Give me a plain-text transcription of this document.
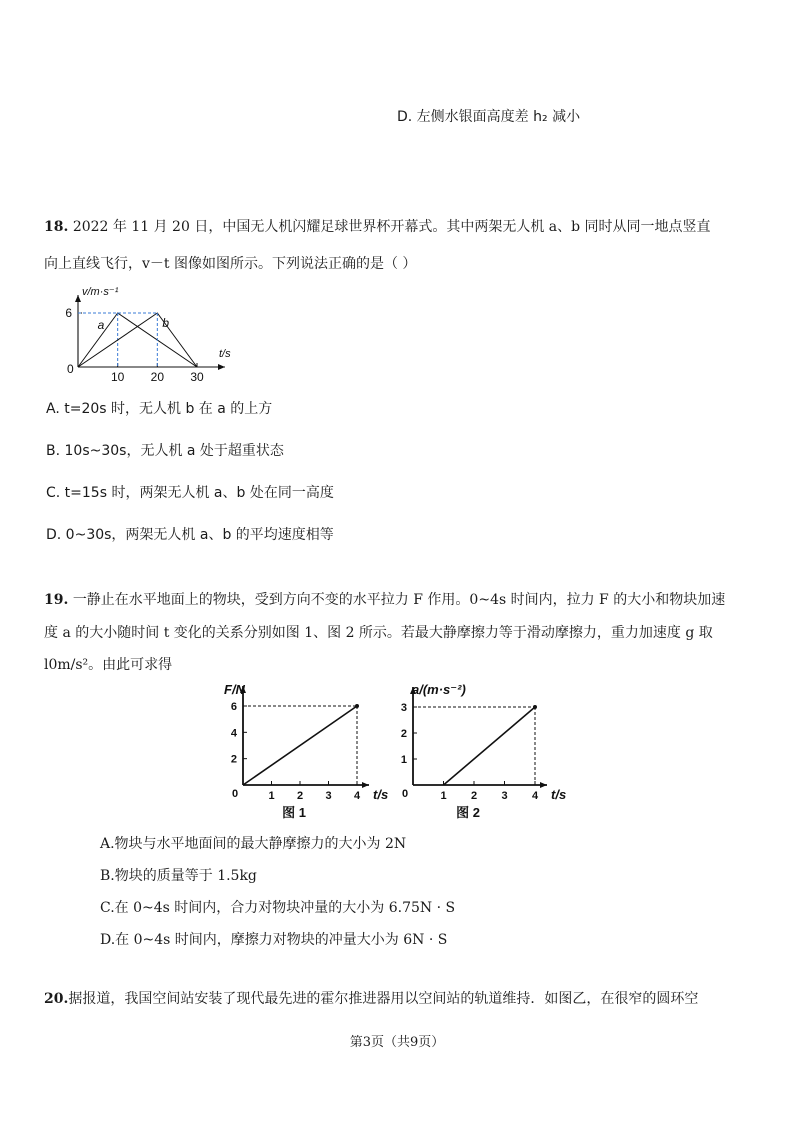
D. 左侧水银面高度差 h₂ 减小
18. 2022 年 11 月 20 日，中国无人机闪耀足球世界杯开幕式。其中两架无人机 a、b 同时从同一地点竖直
向上直线飞行，v－t 图像如图所示。下列说法正确的是（ ）
v/m·s⁻¹
t/s
0
10 20 30
6
a	b
A. t=20s 时，无人机 b 在 a 的上方
B. 10s~30s，无人机 a 处于超重状态
C. t=15s 时，两架无人机 a、b 处在同一高度
D. 0~30s，两架无人机 a、b 的平均速度相等
19. 一静止在水平地面上的物块，受到方向不变的水平拉力 F 作用。0~4s 时间内，拉力 F 的大小和物块加速
度 a 的大小随时间 t 变化的关系分别如图 1、图 2 所示。若最大静摩擦力等于滑动摩擦力，重力加速度 g 取
l0m/s²。由此可求得
F/N
t/s
0	1 2 3 4
2
4
6
图 1
a/(m·s⁻²)
t/s
0	1 2 3 4
1
2
3
图 2
A.物块与水平地面间的最大静摩擦力的大小为 2N
B.物块的质量等于 1.5kg
C.在 0~4s 时间内，合力对物块冲量的大小为 6.75N · S
D.在 0~4s 时间内，摩擦力对物块的冲量大小为 6N · S
20.据报道，我国空间站安装了现代最先进的霍尔推进器用以空间站的轨道维持．如图乙，在很窄的圆环空
第3页（共9页）
